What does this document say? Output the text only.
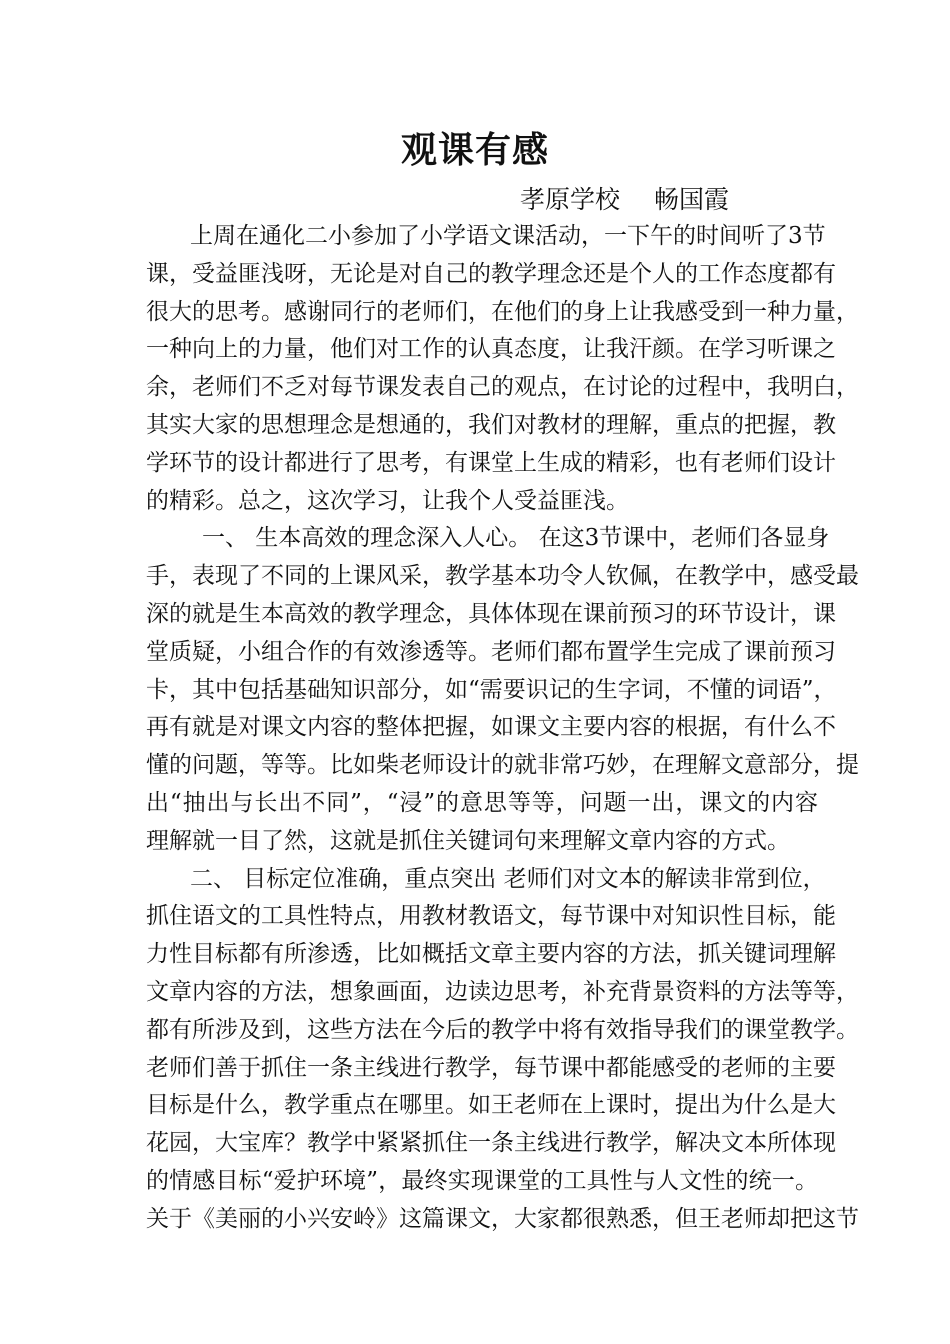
观课有感
孝原学校 畅国霞
上周在通化二小参加了小学语文课活动，一下午的时间听了3节
课，受益匪浅呀，无论是对自己的教学理念还是个人的工作态度都有
很大的思考。感谢同行的老师们，在他们的身上让我感受到一种力量，
一种向上的力量，他们对工作的认真态度，让我汗颜。在学习听课之
余，老师们不乏对每节课发表自己的观点，在讨论的过程中，我明白，
其实大家的思想理念是想通的，我们对教材的理解，重点的把握，教
学环节的设计都进行了思考，有课堂上生成的精彩，也有老师们设计
的精彩。总之，这次学习，让我个人受益匪浅。
一、 生本高效的理念深入人心。 在这3节课中，老师们各显身
手，表现了不同的上课风采，教学基本功令人钦佩，在教学中，感受最
深的就是生本高效的教学理念，具体体现在课前预习的环节设计，课
堂质疑，小组合作的有效渗透等。老师们都布置学生完成了课前预习
卡，其中包括基础知识部分，如“需要识记的生字词，不懂的词语”，
再有就是对课文内容的整体把握，如课文主要内容的根据，有什么不
懂的问题，等等。比如柴老师设计的就非常巧妙，在理解文意部分，提
出“抽出与长出不同”，“浸”的意思等等，问题一出，课文的内容
理解就一目了然，这就是抓住关键词句来理解文章内容的方式。
二、 目标定位准确，重点突出 老师们对文本的解读非常到位，
抓住语文的工具性特点，用教材教语文，每节课中对知识性目标，能
力性目标都有所渗透，比如概括文章主要内容的方法，抓关键词理解
文章内容的方法，想象画面，边读边思考，补充背景资料的方法等等，
都有所涉及到，这些方法在今后的教学中将有效指导我们的课堂教学。
老师们善于抓住一条主线进行教学，每节课中都能感受的老师的主要
目标是什么，教学重点在哪里。如王老师在上课时，提出为什么是大
花园，大宝库？教学中紧紧抓住一条主线进行教学，解决文本所体现
的情感目标“爱护环境”，最终实现课堂的工具性与人文性的统一。
关于《美丽的小兴安岭》这篇课文，大家都很熟悉，但王老师却把这节
